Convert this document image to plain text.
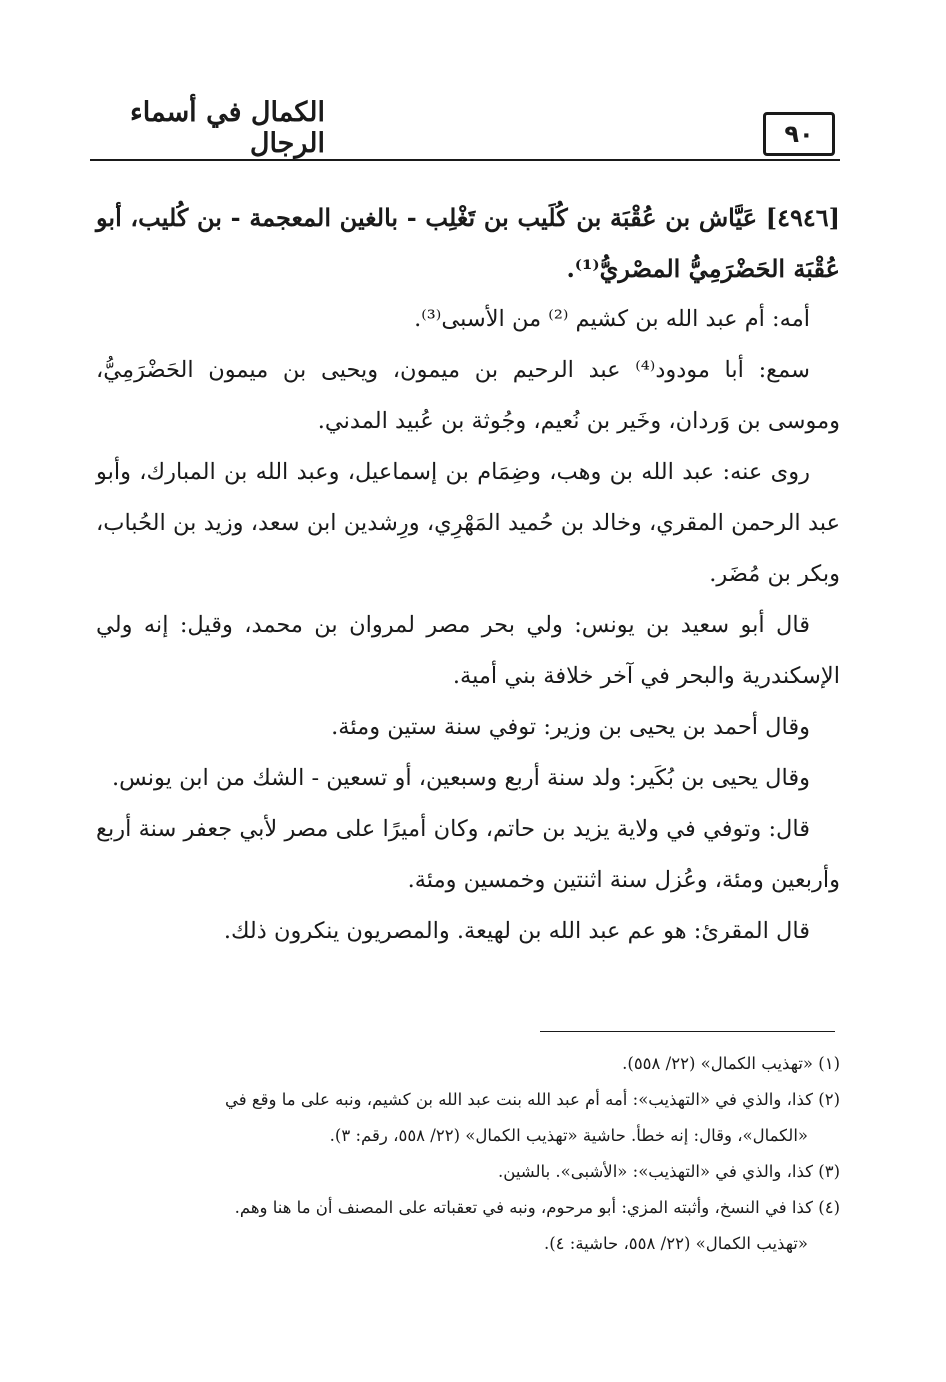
٩٠
الكمال في أسماء الرجال

[٤٩٤٦] عَيَّاش بن عُقْبَة بن كُلَيب بن تَغْلِب - بالغين المعجمة - بن كُليب، أبو عُقْبَة الحَضْرَمِيُّ المصْريُّ⁽¹⁾.

أمه: أم عبد الله بن كشيم ⁽²⁾ من الأسبى⁽³⁾.

سمع: أبا مودود⁽⁴⁾ عبد الرحيم بن ميمون، ويحيى بن ميمون الحَضْرَمِيُّ، وموسى بن وَردان، وخَير بن نُعيم، وجُوثة بن عُبيد المدني.

روى عنه: عبد الله بن وهب، وضِمَام بن إسماعيل، وعبد الله بن المبارك، وأبو عبد الرحمن المقري، وخالد بن حُميد المَهْرِي، ورِشدين ابن سعد، وزيد بن الحُباب، وبكر بن مُضَر.

قال أبو سعيد بن يونس: ولي بحر مصر لمروان بن محمد، وقيل: إنه ولي الإسكندرية والبحر في آخر خلافة بني أمية.

وقال أحمد بن يحيى بن وزير: توفي سنة ستين ومئة.

وقال يحيى بن بُكَير: ولد سنة أربع وسبعين، أو تسعين - الشك من ابن يونس.

قال: وتوفي في ولاية يزيد بن حاتم، وكان أميرًا على مصر لأبي جعفر سنة أربع وأربعين ومئة، وعُزل سنة اثنتين وخمسين ومئة.

قال المقرئ: هو عم عبد الله بن لهيعة. والمصريون ينكرون ذلك.

(١) «تهذيب الكمال» (٢٢/ ٥٥٨).

(٢) كذا، والذي في «التهذيب»: أمه أم عبد الله بنت عبد الله بن كشيم، ونبه على ما وقع في

«الكمال»، وقال: إنه خطأ. حاشية «تهذيب الكمال» (٢٢/ ٥٥٨، رقم: ٣).

(٣) كذا، والذي في «التهذيب»: «الأشبى». بالشين.

(٤) كذا في النسخ، وأثبته المزي: أبو مرحوم، ونبه في تعقباته على المصنف أن ما هنا وهم.

«تهذيب الكمال» (٢٢/ ٥٥٨، حاشية: ٤).
